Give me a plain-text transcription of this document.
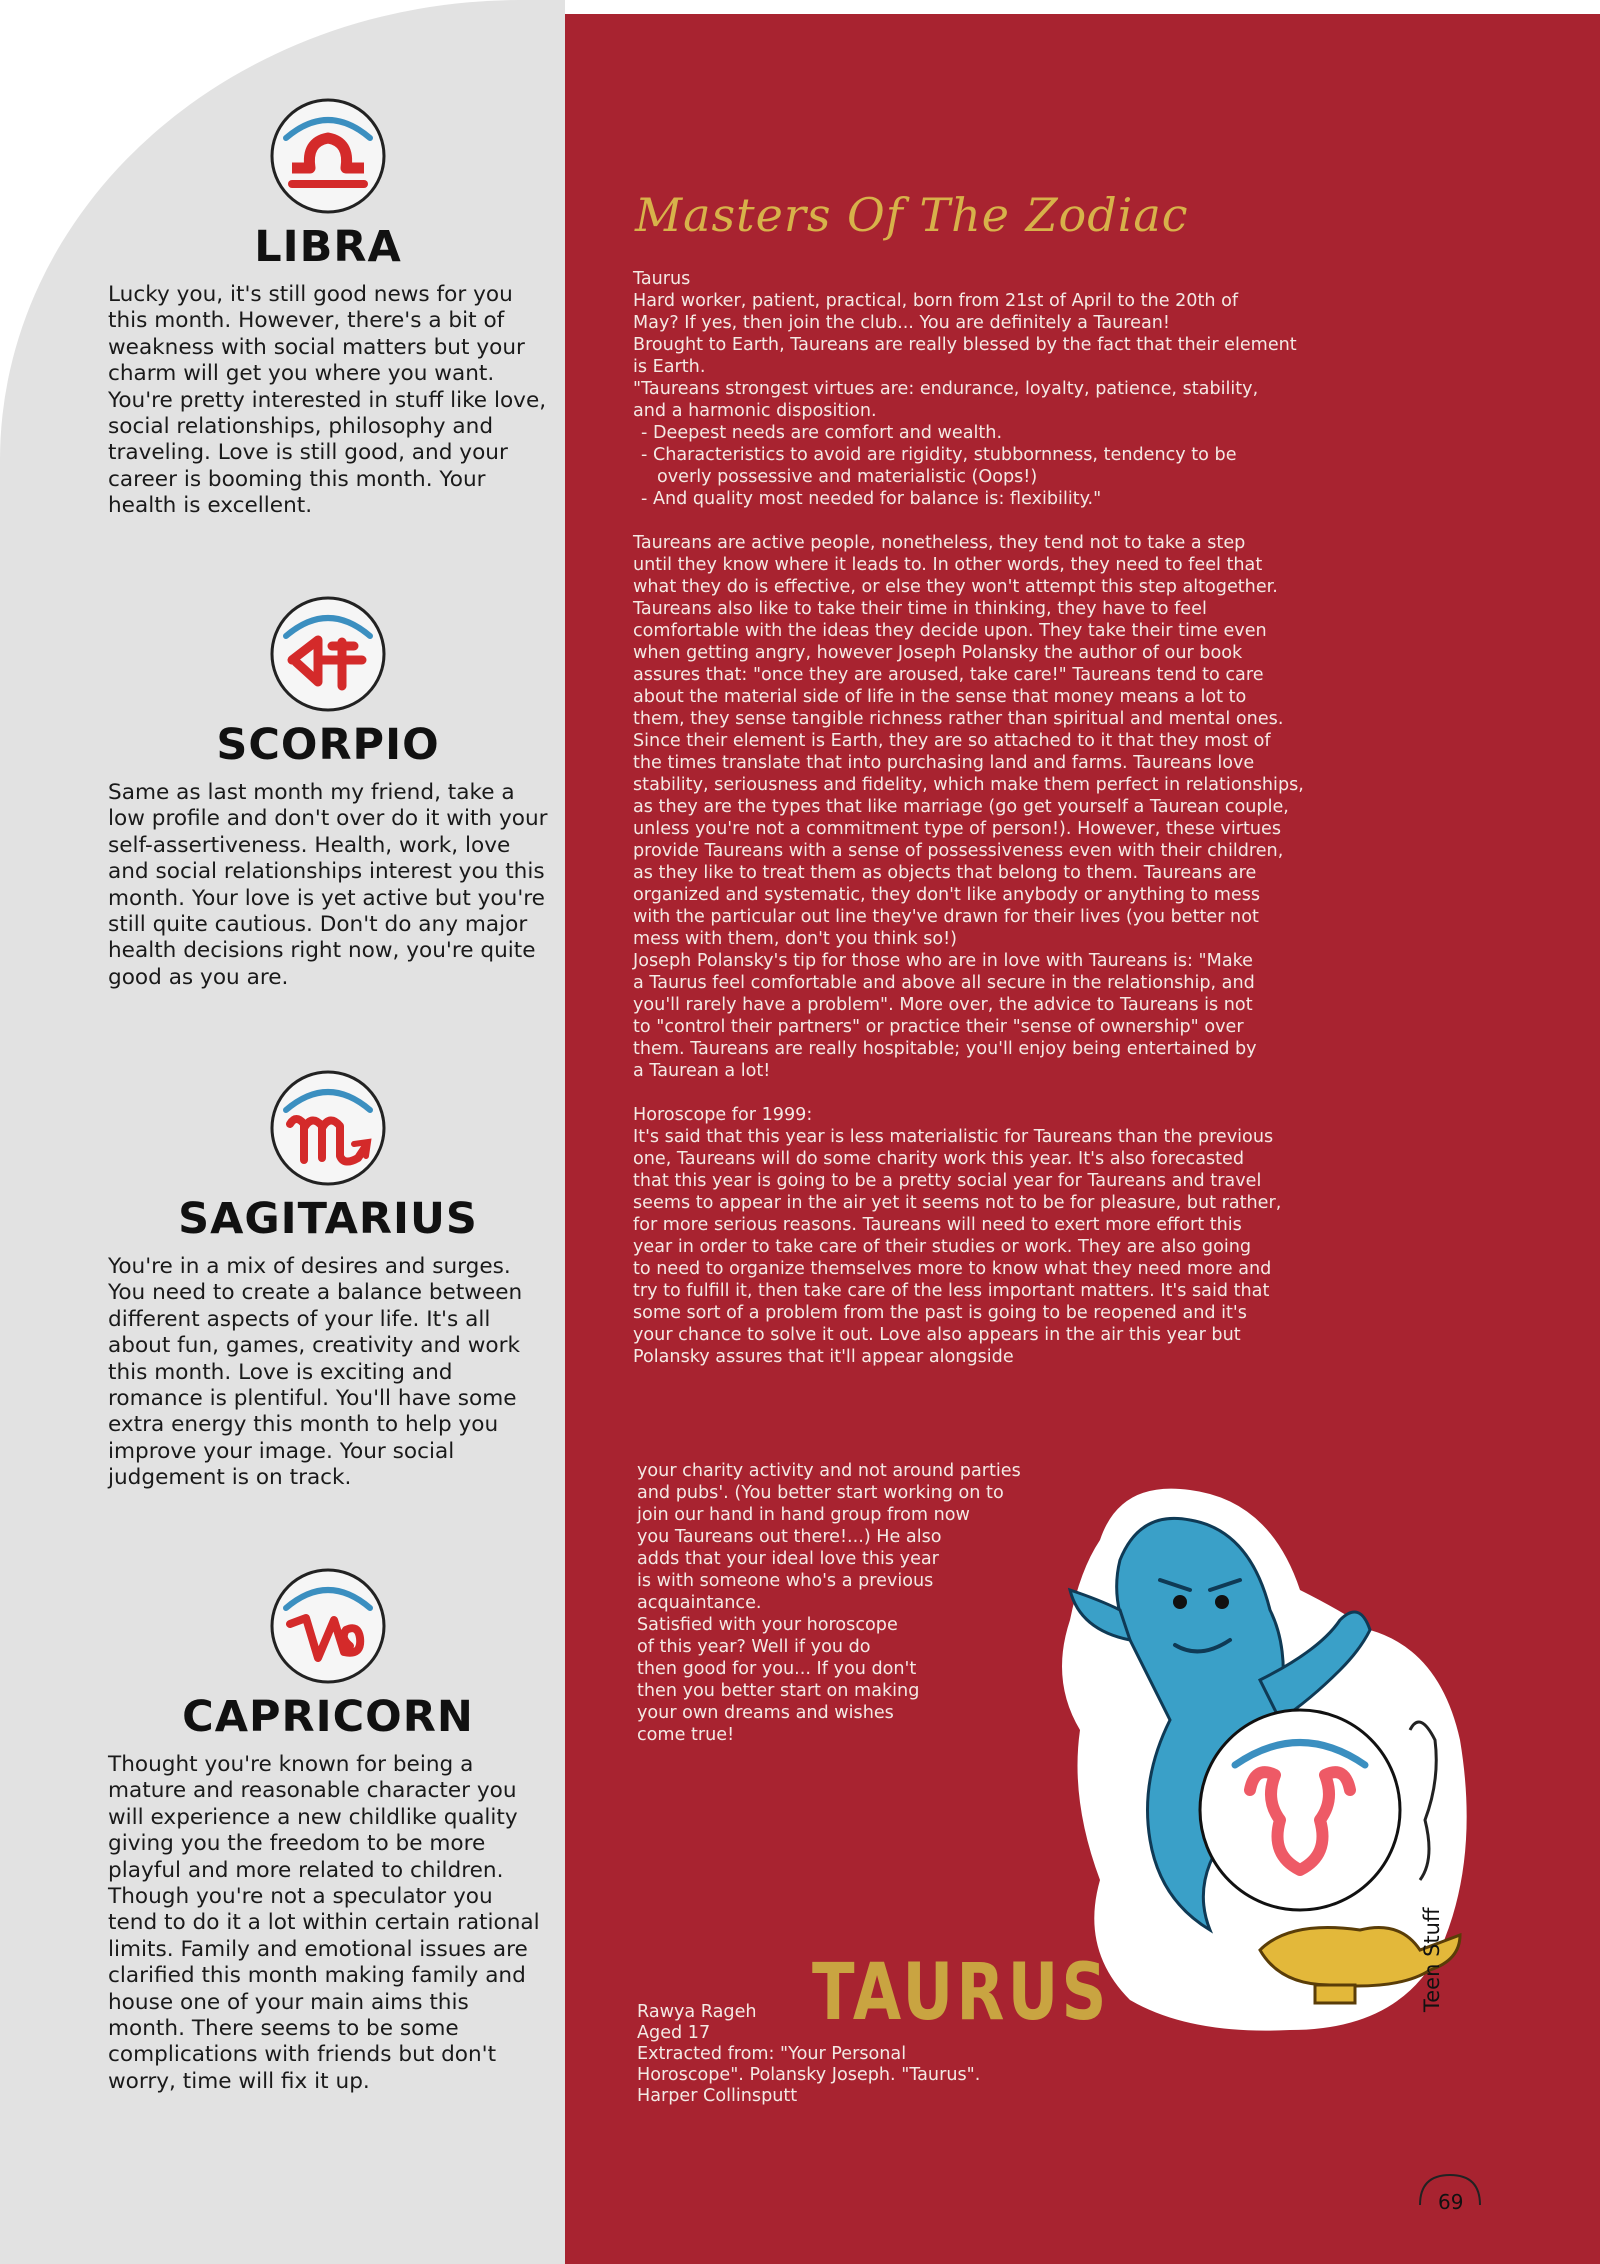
LIBRA
Lucky you, it's still good news for you this month. However, there's a bit of weakness with social matters but your charm will get you where you want. You're pretty interested in stuff like love, social relationships, philosophy and traveling. Love is still good, and your career is booming this month. Your health is excellent.
SCORPIO
Same as last month my friend, take a low profile and don't over do it with your self-assertiveness. Health, work, love and social relationships interest you this month. Your love is yet active but you're still quite cautious. Don't do any major health decisions right now, you're quite good as you are.
SAGITARIUS
You're in a mix of desires and surges. You need to create a balance between different aspects of your life. It's all about fun, games, creativity and work this month. Love is exciting and romance is plentiful. You'll have some extra energy this month to help you improve your image. Your social judgement is on track.
CAPRICORN
Thought you're known for being a mature and reasonable character you will experience a new childlike quality giving you the freedom to be more playful and more related to children. Though you're not a speculator you tend to do it a lot within certain rational limits. Family and emotional issues are clarified this month making family and house one of your main aims this month. There seems to be some complications with friends but don't worry, time will fix it up.
Masters Of The Zodiac

Taurus

Hard worker, patient, practical, born from 21st of April to the 20th of

May? If yes, then join the club... You are definitely a Taurean!

Brought to Earth, Taureans are really blessed by the fact that their element

is Earth.

"Taureans strongest virtues are: endurance, loyalty, patience, stability,

and a harmonic disposition.

- Deepest needs are comfort and wealth.

- Characteristics to avoid are rigidity, stubbornness, tendency to be

overly possessive and materialistic (Oops!)

- And quality most needed for balance is: flexibility."

Taureans are active people, nonetheless, they tend not to take a step

until they know where it leads to. In other words, they need to feel that

what they do is effective, or else they won't attempt this step altogether.

Taureans also like to take their time in thinking, they have to feel

comfortable with the ideas they decide upon. They take their time even

when getting angry, however Joseph Polansky the author of our book

assures that: "once they are aroused, take care!" Taureans tend to care

about the material side of life in the sense that money means a lot to

them, they sense tangible richness rather than spiritual and mental ones.

Since their element is Earth, they are so attached to it that they most of

the times translate that into purchasing land and farms. Taureans love

stability, seriousness and fidelity, which make them perfect in relationships,

as they are the types that like marriage (go get yourself a Taurean couple,

unless you're not a commitment type of person!). However, these virtues

provide Taureans with a sense of possessiveness even with their children,

as they like to treat them as objects that belong to them. Taureans are

organized and systematic, they don't like anybody or anything to mess

with the particular out line they've drawn for their lives (you better not

mess with them, don't you think so!)

Joseph Polansky's tip for those who are in love with Taureans is: "Make

a Taurus feel comfortable and above all secure in the relationship, and

you'll rarely have a problem". More over, the advice to Taureans is not

to "control their partners" or practice their "sense of ownership" over

them. Taureans are really hospitable; you'll enjoy being entertained by

a Taurean a lot!

Horoscope for 1999:

It's said that this year is less materialistic for Taureans than the previous

one, Taureans will do some charity work this year. It's also forecasted

that this year is going to be a pretty social year for Taureans and travel

seems to appear in the air yet it seems not to be for pleasure, but rather,

for more serious reasons. Taureans will need to exert more effort this

year in order to take care of their studies or work. They are also going

to need to organize themselves more to know what they need more and

try to fulfill it, then take care of the less important matters. It's said that

some sort of a problem from the past is going to be reopened and it's

your chance to solve it out. Love also appears in the air this year but

Polansky assures that it'll appear alongside

your charity activity and not around parties

and pubs'. (You better start working on to

join our hand in hand group from now

you Taureans out there!...) He also

adds that your ideal love this year

is with someone who's a previous

acquaintance.

Satisfied with your horoscope

of this year? Well if you do

then good for you... If you don't

then you better start on making

your own dreams and wishes

come true!

Rawya Rageh

Aged 17

Extracted from: "Your Personal

Horoscope". Polansky Joseph. "Taurus".

Harper Collinsputt

TAURUS	Teen Stuff
69
